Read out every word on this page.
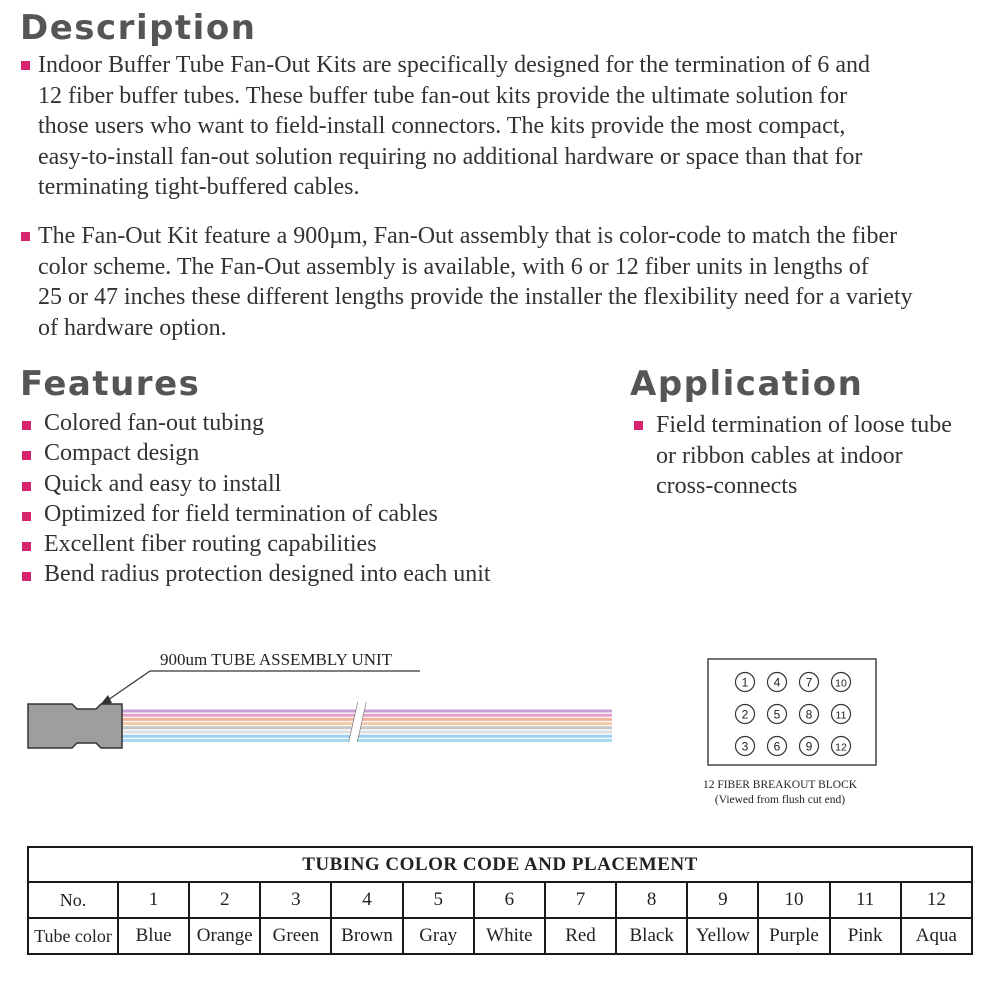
Description
Indoor Buffer Tube Fan-Out Kits are specifically designed for the termination of 6 and
12 fiber buffer tubes. These buffer tube fan-out kits provide the ultimate solution for
those users who want to field-install connectors. The kits provide the most compact,
easy-to-install fan-out solution requiring no additional hardware or space than that for
terminating tight-buffered cables.
The Fan-Out Kit feature a 900µm, Fan-Out assembly that is color-code to match the fiber
color scheme. The Fan-Out assembly is available, with 6 or 12 fiber units in lengths of
25 or 47 inches these different lengths provide the installer the flexibility need for a variety
of hardware option.
Features
Colored fan-out tubing
Compact design
Quick and easy to install
Optimized for field termination of cables
Excellent fiber routing capabilities
Bend radius protection designed into each unit
Application
Field termination of loose tube
or ribbon cables at indoor
cross-connects
900um TUBE ASSEMBLY UNIT
1 4 7 10
2 5 8 11
3 6 9 12
12 FIBER BREAKOUT BLOCK
(Viewed from flush cut end)
TUBING COLOR CODE AND PLACEMENT												
No.	1	2	3	4	5	6	7	8	9	10	11	12
Tube color	Blue	Orange	Green	Brown	Gray	White	Red	Black	Yellow	Purple	Pink	Aqua
